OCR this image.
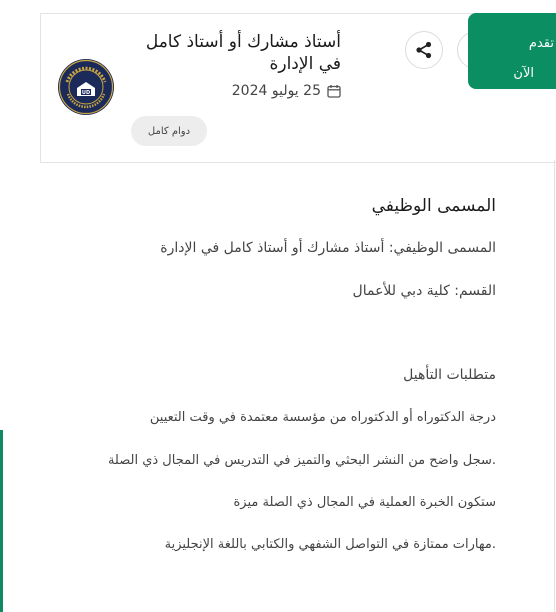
أستاذ مشارك أو أستاذ كامل في الإدارة
25 يوليو 2024
دوام كامل
UD
تقدم
الآن
المسمى الوظيفي
المسمى الوظيفي: أستاذ مشارك أو أستاذ كامل في الإدارة
القسم: كلية دبي للأعمال
متطلبات التأهيل
درجة الدكتوراه أو الدكتوراه من مؤسسة معتمدة في وقت التعيين
.سجل واضح من النشر البحثي والتميز في التدريس في المجال ذي الصلة
ستكون الخبرة العملية في المجال ذي الصلة ميزة
.مهارات ممتازة في التواصل الشفهي والكتابي باللغة الإنجليزية
